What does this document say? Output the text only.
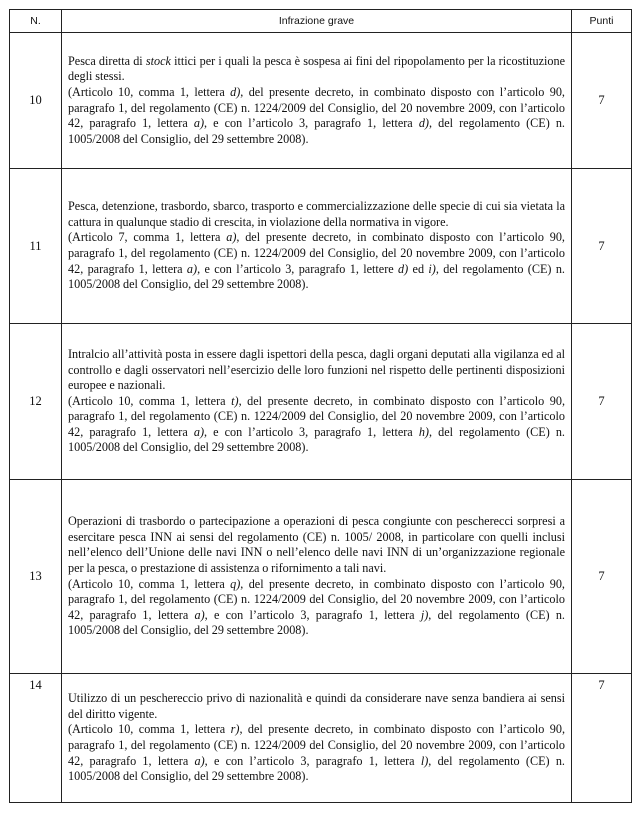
N.	Infrazione grave	Punti
10	Pesca diretta di stock ittici per i quali la pesca è sospesa ai fini del ripopolamento per la ricostituzione degli stessi.

(Articolo 10, comma 1, lettera d), del presente decreto, in combinato disposto con l’articolo 90, paragrafo 1, del regolamento (CE) n. 1224/2009 del Consiglio, del 20 novembre 2009, con l’articolo 42, paragrafo 1, lettera a), e con l’articolo 3, paragrafo 1, lettera d), del regolamento (CE) n. 1005/2008 del Consiglio, del 29 settembre 2008).	7
11	Pesca, detenzione, trasbordo, sbarco, trasporto e commercializzazione delle specie di cui sia vietata la cattura in qualunque stadio di crescita, in violazione della normativa in vigore.

(Articolo 7, comma 1, lettera a), del presente decreto, in combinato disposto con l’articolo 90, paragrafo 1, del regolamento (CE) n. 1224/2009 del Consiglio, del 20 novembre 2009, con l’articolo 42, paragrafo 1, lettera a), e con l’articolo 3, paragrafo 1, lettere d) ed i), del regolamento (CE) n. 1005/2008 del Consiglio, del 29 settembre 2008).	7
12	Intralcio all’attività posta in essere dagli ispettori della pesca, dagli organi deputati alla vigilanza ed al controllo e dagli osservatori nell’esercizio delle loro funzioni nel rispetto delle pertinenti disposizioni europee e nazionali.

(Articolo 10, comma 1, lettera t), del presente decreto, in combinato disposto con l’articolo 90, paragrafo 1, del regolamento (CE) n. 1224/2009 del Consiglio, del 20 novembre 2009, con l’articolo 42, paragrafo 1, lettera a), e con l’articolo 3, paragrafo 1, lettera h), del regolamento (CE) n. 1005/2008 del Consiglio, del 29 settembre 2008).	7
13	Operazioni di trasbordo o partecipazione a operazioni di pesca congiunte con pescherecci sorpresi a esercitare pesca INN ai sensi del regolamento (CE) n. 1005/ 2008, in particolare con quelli inclusi nell’elenco dell’Unione delle navi INN o nell’elenco delle navi INN di un’organizzazione regionale per la pesca, o prestazione di assistenza o rifornimento a tali navi.

(Articolo 10, comma 1, lettera q), del presente decreto, in combinato disposto con l’articolo 90, paragrafo 1, del regolamento (CE) n. 1224/2009 del Consiglio, del 20 novembre 2009, con l’articolo 42, paragrafo 1, lettera a), e con l’articolo 3, paragrafo 1, lettera j), del regolamento (CE) n. 1005/2008 del Consiglio, del 29 settembre 2008).	7
14	Utilizzo di un peschereccio privo di nazionalità e quindi da considerare nave senza bandiera ai sensi del diritto vigente.

(Articolo 10, comma 1, lettera r), del presente decreto, in combinato disposto con l’articolo 90, paragrafo 1, del regolamento (CE) n. 1224/2009 del Consiglio, del 20 novembre 2009, con l’articolo 42, paragrafo 1, lettera a), e con l’articolo 3, paragrafo 1, lettera l), del regolamento (CE) n. 1005/2008 del Consiglio, del 29 settembre 2008).	7
